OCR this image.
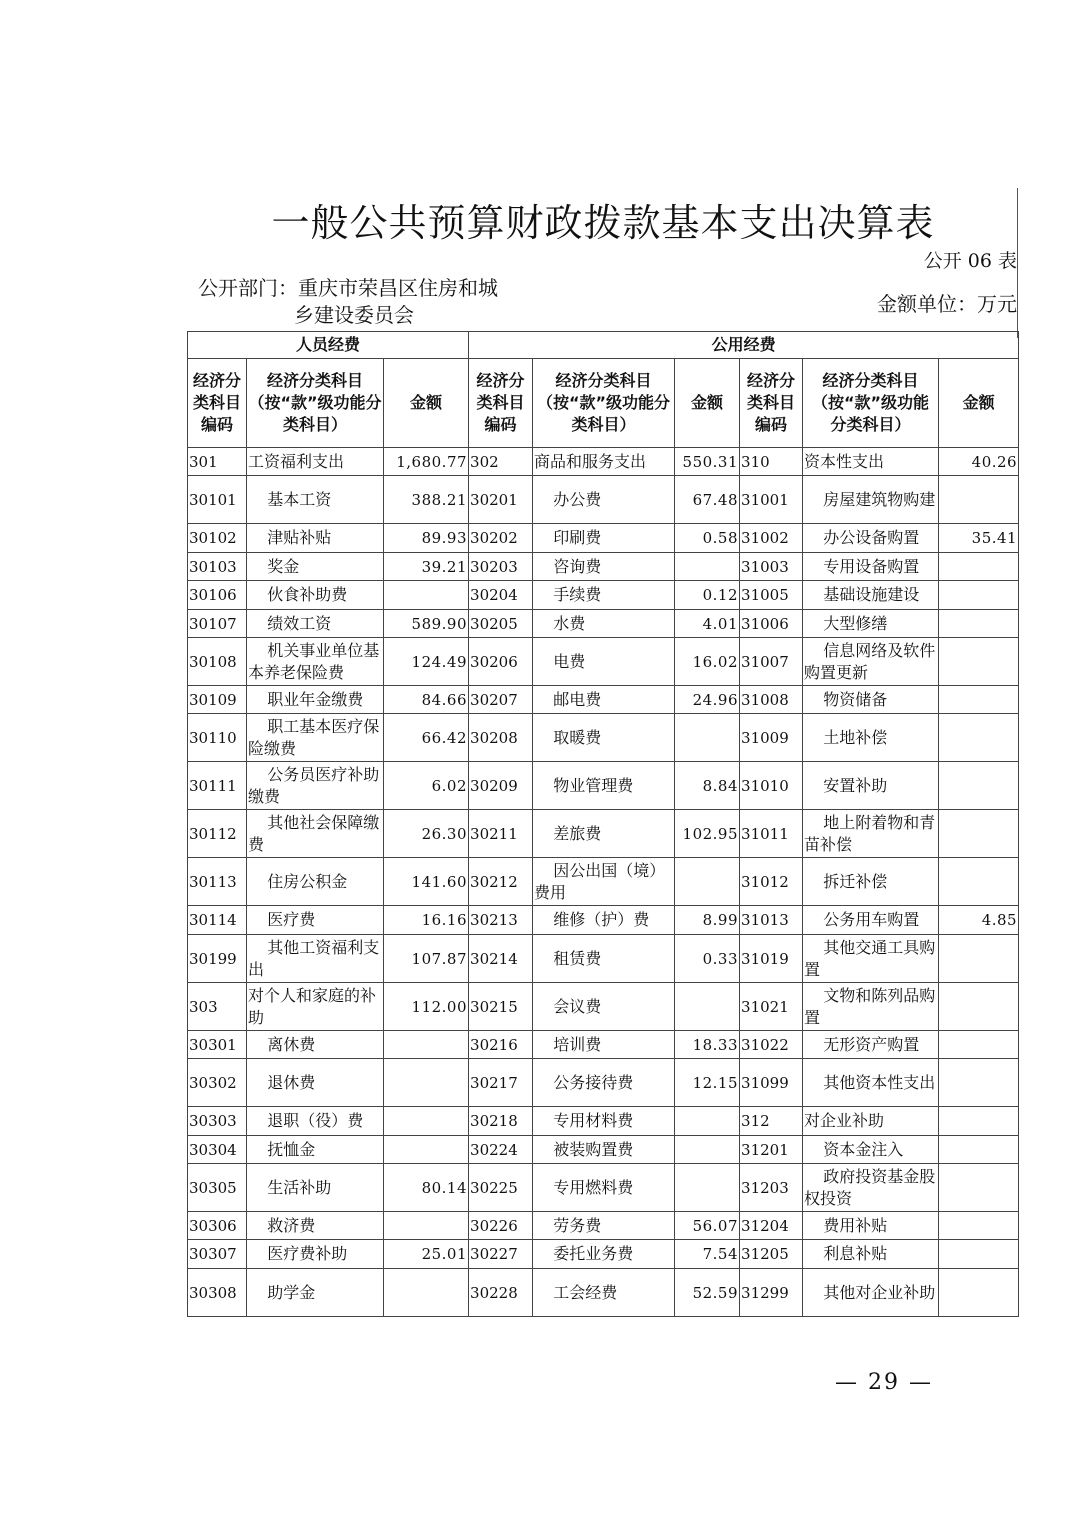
一般公共预算财政拨款基本支出决算表
公开 06 表
公开部门：重庆市荣昌区住房和城
乡建设委员会	金额单位：万元
人员经费			公用经费					
经济分类科目编码	经济分类科目（按“款”级功能分类科目）	金额	经济分类科目编码	经济分类科目（按“款”级功能分类科目）	金额	经济分类科目编码	经济分类科目（按“款”级功能分类科目）	金额
301	工资福利支出	1,680.77	302	商品和服务支出	550.31	310	资本性支出	40.26
30101	基本工资	388.21	30201	办公费	67.48	31001	房屋建筑物购建	
30102	津贴补贴	89.93	30202	印刷费	0.58	31002	办公设备购置	35.41
30103	奖金	39.21	30203	咨询费		31003	专用设备购置	
30106	伙食补助费		30204	手续费	0.12	31005	基础设施建设	
30107	绩效工资	589.90	30205	水费	4.01	31006	大型修缮	
30108	机关事业单位基本养老保险费	124.49	30206	电费	16.02	31007	信息网络及软件购置更新	
30109	职业年金缴费	84.66	30207	邮电费	24.96	31008	物资储备	
30110	职工基本医疗保险缴费	66.42	30208	取暖费		31009	土地补偿	
30111	公务员医疗补助缴费	6.02	30209	物业管理费	8.84	31010	安置补助	
30112	其他社会保障缴费	26.30	30211	差旅费	102.95	31011	地上附着物和青苗补偿	
30113	住房公积金	141.60	30212	因公出国（境）费用		31012	拆迁补偿	
30114	医疗费	16.16	30213	维修（护）费	8.99	31013	公务用车购置	4.85
30199	其他工资福利支出	107.87	30214	租赁费	0.33	31019	其他交通工具购置	
303	对个人和家庭的补助	112.00	30215	会议费		31021	文物和陈列品购置	
30301	离休费		30216	培训费	18.33	31022	无形资产购置	
30302	退休费		30217	公务接待费	12.15	31099	其他资本性支出	
30303	退职（役）费		30218	专用材料费		312	对企业补助	
30304	抚恤金		30224	被装购置费		31201	资本金注入	
30305	生活补助	80.14	30225	专用燃料费		31203	政府投资基金股权投资	
30306	救济费		30226	劳务费	56.07	31204	费用补贴	
30307	医疗费补助	25.01	30227	委托业务费	7.54	31205	利息补贴	
30308	助学金		30228	工会经费	52.59	31299	其他对企业补助	
— 29 —
